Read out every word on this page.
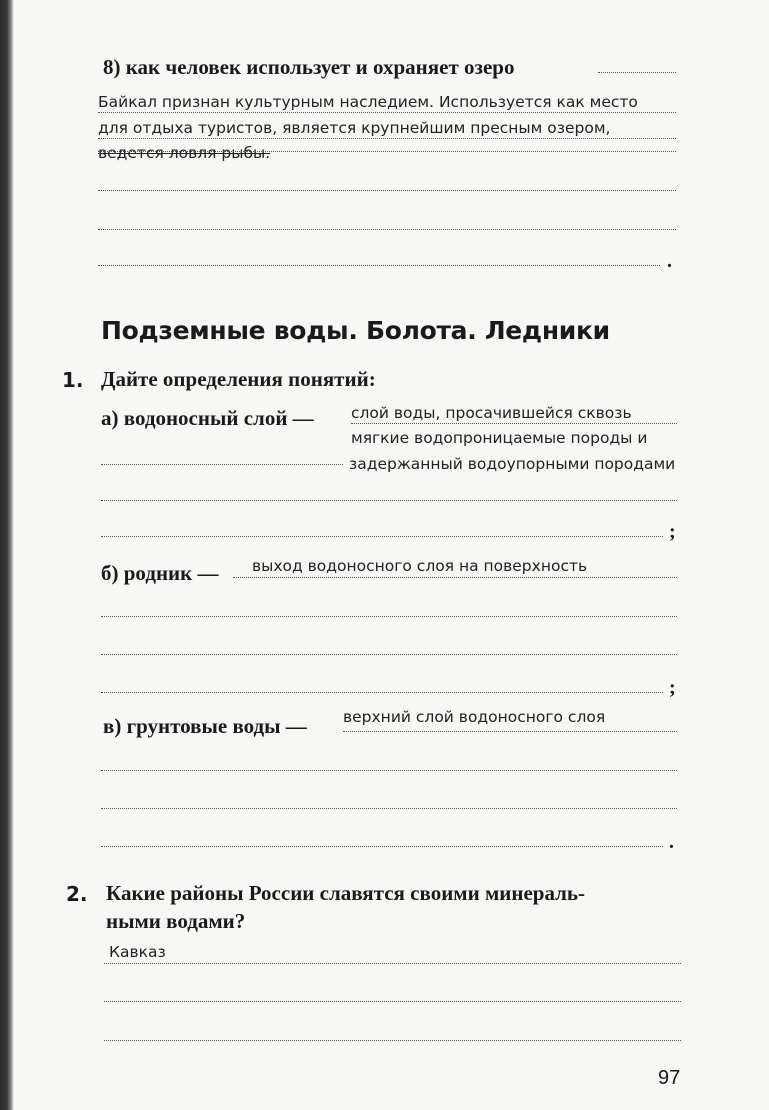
8) как человек использует и охраняет озеро
Байкал признан культурным наследием. Используется как место
для отдыха туристов, является крупнейшим пресным озером,
ведется ловля рыбы.
.
Подземные воды. Болота. Ледники
1. Дайте определения понятий:
а) водоносный слой — слой воды, просачившейся сквозь
мягкие водопроницаемые породы и
задержанный водоупорными породами
;
б) родник — выход водоносного слоя на поверхность
;
в) грунтовые воды — верхний слой водоносного слоя
.
2. Какие районы России славятся своими минераль-
ными водами?
Кавказ
97
